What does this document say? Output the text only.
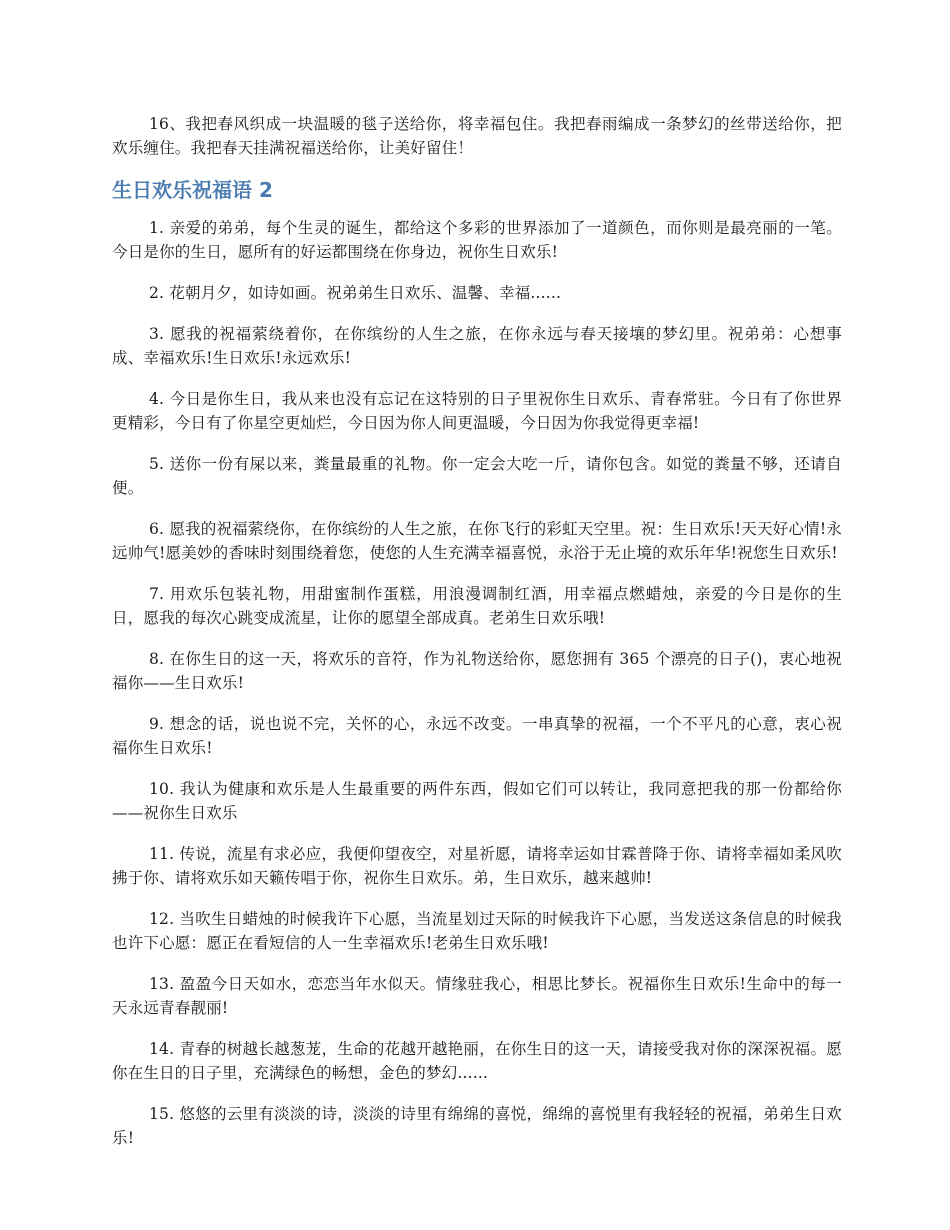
16、我把春风织成一块温暖的毯子送给你，将幸福包住。我把春雨编成一条梦幻的丝带送给你，把欢乐缠住。我把春天挂满祝福送给你，让美好留住！

生日欢乐祝福语 2

1. 亲爱的弟弟，每个生灵的诞生，都给这个多彩的世界添加了一道颜色，而你则是最亮丽的一笔。今日是你的生日，愿所有的好运都围绕在你身边，祝你生日欢乐!

2. 花朝月夕，如诗如画。祝弟弟生日欢乐、温馨、幸福......

3. 愿我的祝福萦绕着你，在你缤纷的人生之旅，在你永远与春天接壤的梦幻里。祝弟弟：心想事成、幸福欢乐!生日欢乐!永远欢乐!

4. 今日是你生日，我从来也没有忘记在这特别的日子里祝你生日欢乐、青春常驻。今日有了你世界更精彩，今日有了你星空更灿烂，今日因为你人间更温暖，今日因为你我觉得更幸福!

5. 送你一份有屎以来，粪量最重的礼物。你一定会大吃一斤，请你包含。如觉的粪量不够，还请自便。

6. 愿我的祝福萦绕你，在你缤纷的人生之旅，在你飞行的彩虹天空里。祝：生日欢乐!天天好心情!永远帅气!愿美妙的香味时刻围绕着您，使您的人生充满幸福喜悦，永浴于无止境的欢乐年华!祝您生日欢乐!

7. 用欢乐包装礼物，用甜蜜制作蛋糕，用浪漫调制红酒，用幸福点燃蜡烛，亲爱的今日是你的生日，愿我的每次心跳变成流星，让你的愿望全部成真。老弟生日欢乐哦!

8. 在你生日的这一天，将欢乐的音符，作为礼物送给你，愿您拥有 365 个漂亮的日子()，衷心地祝福你——生日欢乐!

9. 想念的话，说也说不完，关怀的心，永远不改变。一串真挚的祝福，一个不平凡的心意，衷心祝福你生日欢乐!

10. 我认为健康和欢乐是人生最重要的两件东西，假如它们可以转让，我同意把我的那一份都给你——祝你生日欢乐

11. 传说，流星有求必应，我便仰望夜空，对星祈愿，请将幸运如甘霖普降于你、请将幸福如柔风吹拂于你、请将欢乐如天籁传唱于你，祝你生日欢乐。弟，生日欢乐，越来越帅!

12. 当吹生日蜡烛的时候我许下心愿，当流星划过天际的时候我许下心愿，当发送这条信息的时候我也许下心愿：愿正在看短信的人一生幸福欢乐!老弟生日欢乐哦!

13. 盈盈今日天如水，恋恋当年水似天。情缘驻我心，相思比梦长。祝福你生日欢乐!生命中的每一天永远青春靓丽!

14. 青春的树越长越葱茏，生命的花越开越艳丽，在你生日的这一天，请接受我对你的深深祝福。愿你在生日的日子里，充满绿色的畅想，金色的梦幻......

15. 悠悠的云里有淡淡的诗，淡淡的诗里有绵绵的喜悦，绵绵的喜悦里有我轻轻的祝福，弟弟生日欢乐!
